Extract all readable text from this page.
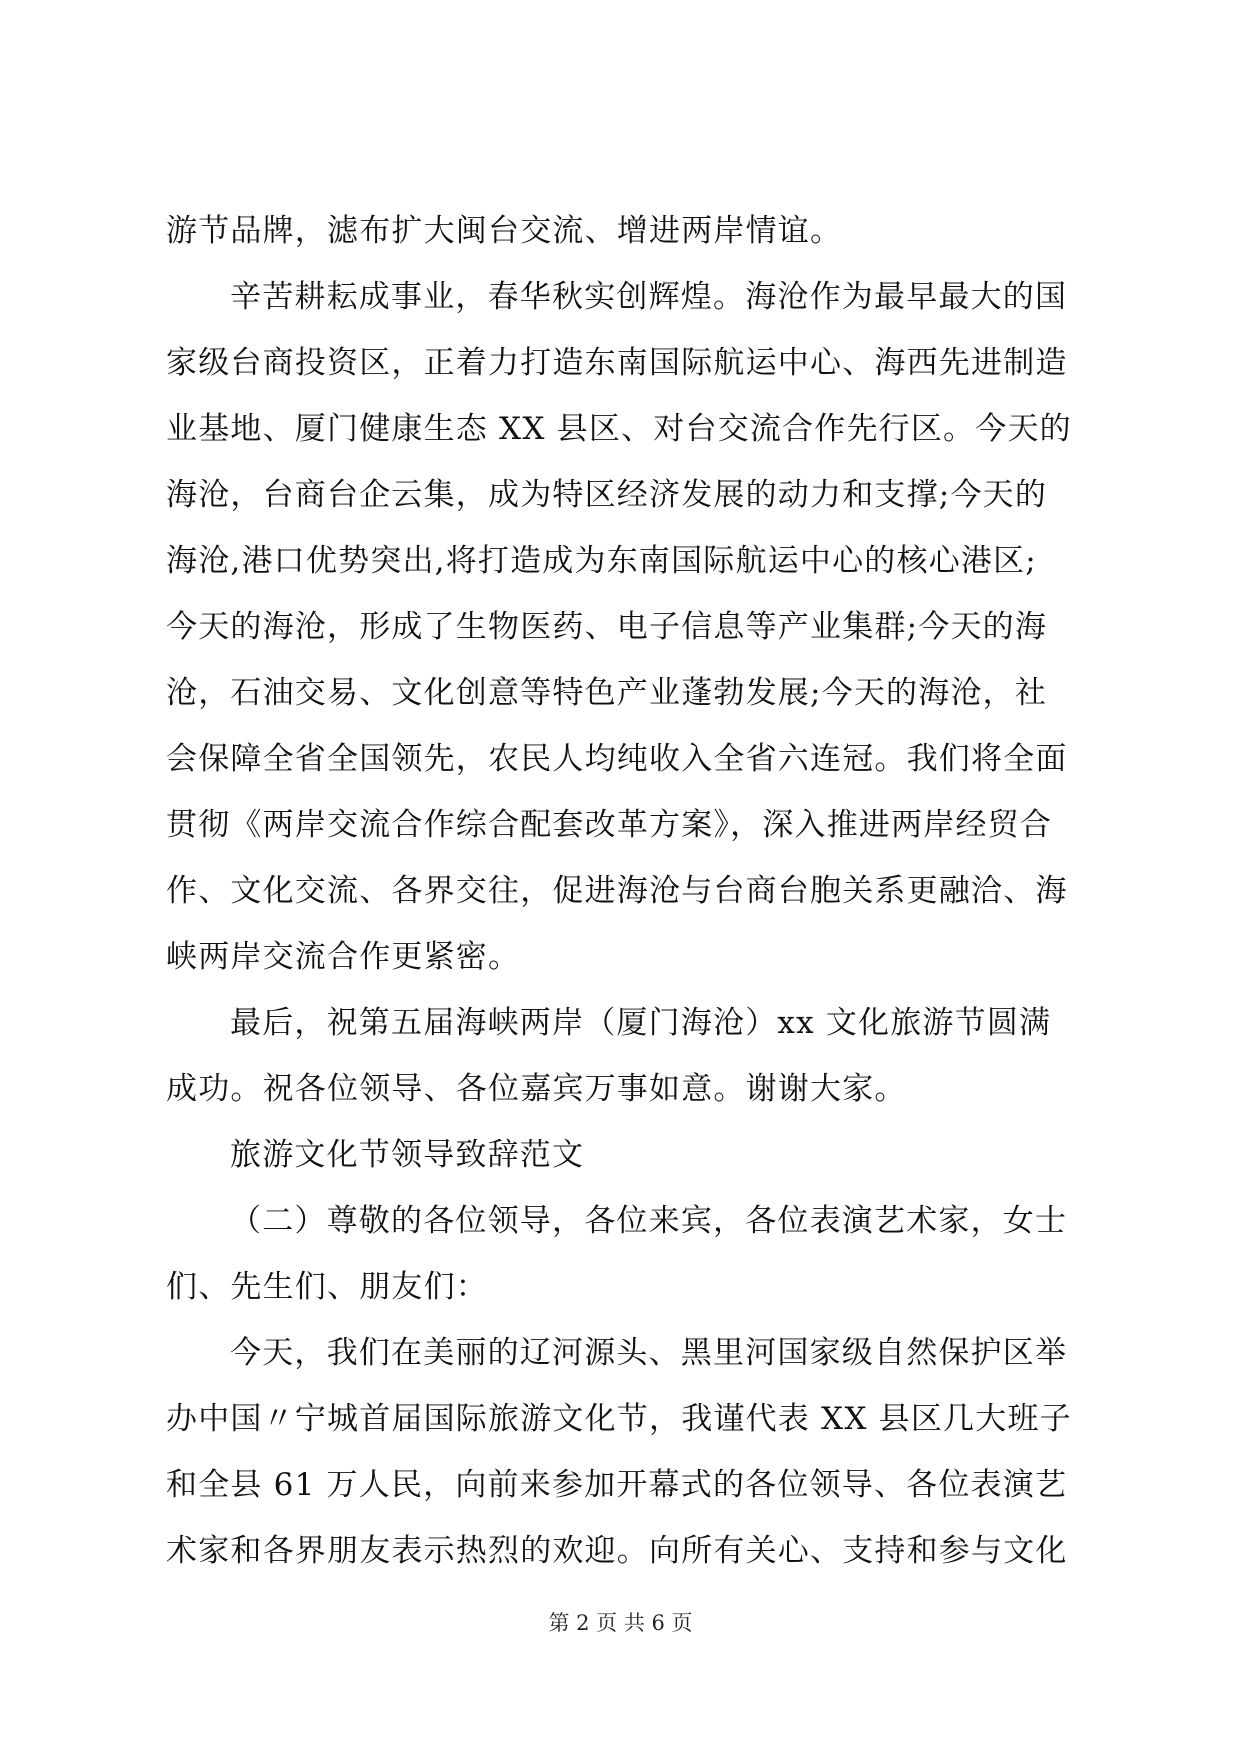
游节品牌，滤布扩大闽台交流、增进两岸情谊。
辛苦耕耘成事业，春华秋实创辉煌。海沧作为最早最大的国
家级台商投资区，正着力打造东南国际航运中心、海西先进制造
业基地、厦门健康生态 XX 县区、对台交流合作先行区。今天的
海沧，台商台企云集，成为特区经济发展的动力和支撑;今天的
海沧,港口优势突出,将打造成为东南国际航运中心的核心港区;
今天的海沧，形成了生物医药、电子信息等产业集群;今天的海
沧，石油交易、文化创意等特色产业蓬勃发展;今天的海沧，社
会保障全省全国领先，农民人均纯收入全省六连冠。我们将全面
贯彻《两岸交流合作综合配套改革方案》，深入推进两岸经贸合
作、文化交流、各界交往，促进海沧与台商台胞关系更融洽、海
峡两岸交流合作更紧密。
最后，祝第五届海峡两岸（厦门海沧）xx 文化旅游节圆满
成功。祝各位领导、各位嘉宾万事如意。谢谢大家。
旅游文化节领导致辞范文
（二）尊敬的各位领导，各位来宾，各位表演艺术家，女士
们、先生们、朋友们：
今天，我们在美丽的辽河源头、黑里河国家级自然保护区举
办中国〃宁城首届国际旅游文化节，我谨代表 XX 县区几大班子
和全县 61 万人民，向前来参加开幕式的各位领导、各位表演艺
术家和各界朋友表示热烈的欢迎。向所有关心、支持和参与文化
第 2 页 共 6 页
